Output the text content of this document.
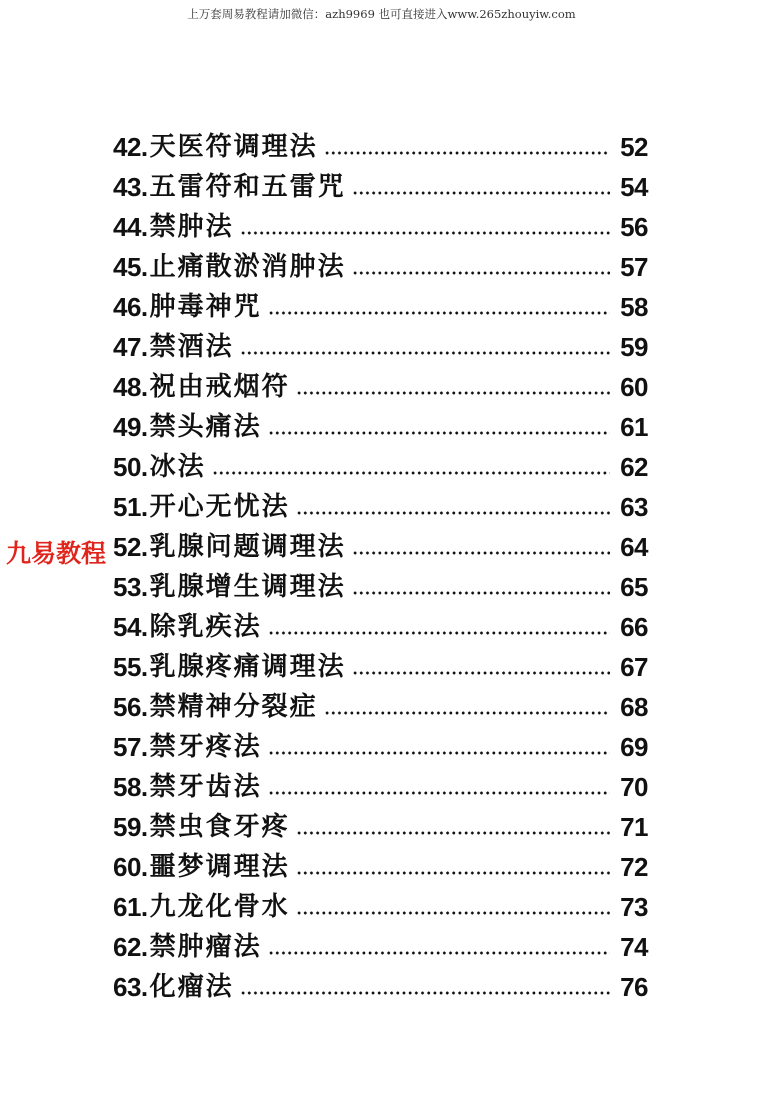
上万套周易教程请加微信：azh9969 也可直接进入www.265zhouyiw.com
九易教程
42. 天医符调理法	52
43. 五雷符和五雷咒	54
44. 禁肿法	56
45. 止痛散淤消肿法	57
46. 肿毒神咒	58
47. 禁酒法	59
48. 祝由戒烟符	60
49. 禁头痛法	61
50. 冰法	62
51. 开心无忧法	63
52. 乳腺问题调理法	64
53. 乳腺增生调理法	65
54. 除乳疾法	66
55. 乳腺疼痛调理法	67
56. 禁精神分裂症	68
57. 禁牙疼法	69
58. 禁牙齿法	70
59. 禁虫食牙疼	71
60. 噩梦调理法	72
61. 九龙化骨水	73
62. 禁肿瘤法	74
63. 化瘤法	76
